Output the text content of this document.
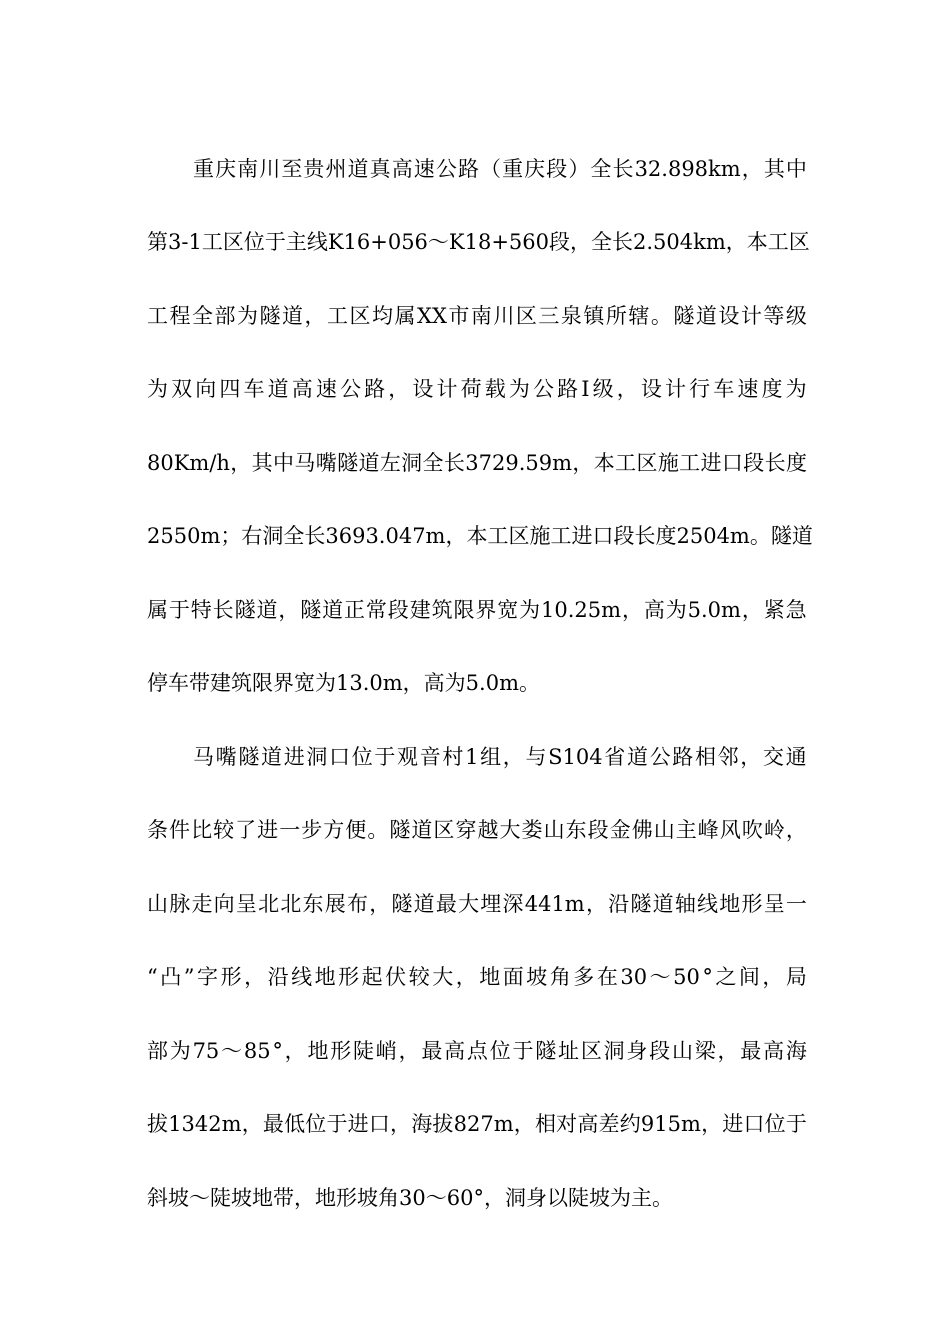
重 庆 南 川 至 贵 州 道 真 高 速 公 路 （ 重 庆 段 ） 全 长 32.898km ， 其 中
第 3-1 工 区 位 于 主 线 K16+056 ～ K18+560 段 ， 全 长 2.504km ， 本 工 区
工 程 全 部 为 隧 道 ， 工 区 均 属 XX 市 南 川 区 三 泉 镇 所 辖 。 隧 道 设 计 等 级
为 双 向 四 车 道 高 速 公 路 ， 设 计 荷 载 为 公 路 Ⅰ 级 ， 设 计 行 车 速 度 为
80Km/h ， 其 中 马 嘴 隧 道 左 洞 全 长 3729.59m ， 本 工 区 施 工 进 口 段 长 度
2550m ； 右 洞 全 长 3693.047m ， 本 工 区 施 工 进 口 段 长 度 2504m 。 隧 道
属 于 特 长 隧 道 ， 隧 道 正 常 段 建 筑 限 界 宽 为 10.25m ， 高 为 5.0m ， 紧 急
停车带建筑限界宽为13.0m，高为5.0m。
马 嘴 隧 道 进 洞 口 位 于 观 音 村 1 组 ， 与 S104 省 道 公 路 相 邻 ， 交 通
条 件 比 较 了 进 一 步 方 便 。 隧 道 区 穿 越 大 娄 山 东 段 金 佛 山 主 峰 风 吹 岭 ，
山 脉 走 向 呈 北 北 东 展 布 ， 隧 道 最 大 埋 深 441m ， 沿 隧 道 轴 线 地 形 呈 一
“ 凸 ” 字 形 ， 沿 线 地 形 起 伏 较 大 ， 地 面 坡 角 多 在 30 ～ 50 ° 之 间 ， 局
部 为 75 ～ 85 ° ， 地 形 陡 峭 ， 最 高 点 位 于 隧 址 区 洞 身 段 山 梁 ， 最 高 海
拔 1342m ， 最 低 位 于 进 口 ， 海 拔 827m ， 相 对 高 差 约 915m ， 进 口 位 于
斜坡～陡坡地带，地形坡角30～60°，洞身以陡坡为主。
